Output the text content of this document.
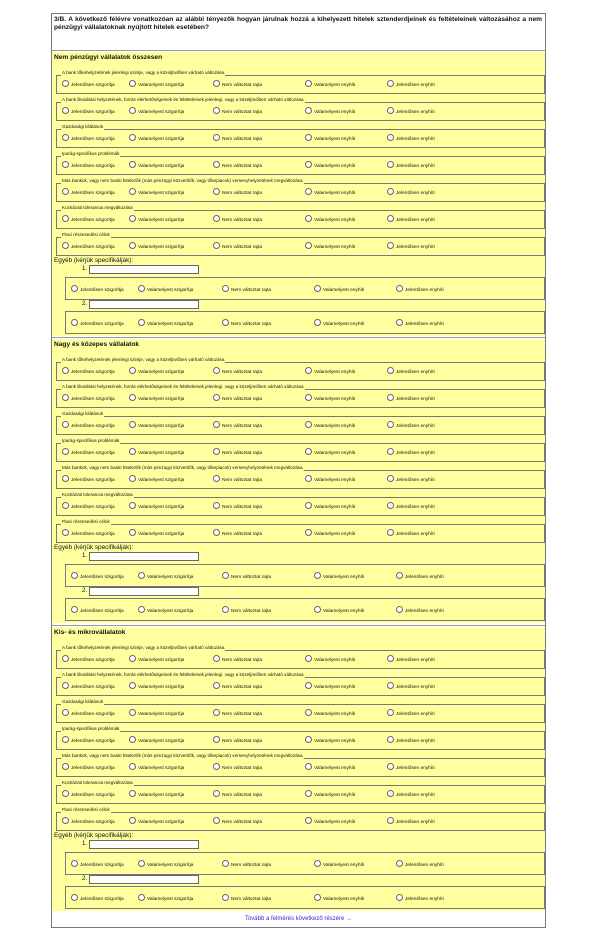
3/B. A következő félévre vonatkozóan az alábbi tényezők hogyan járulnak hozzá a kihelyezett hitelek sztenderdjeinek és feltételeinek változásához a nem pénzügyi vállalatoknak nyújtott hitelek esetében?
Nem pénzügyi vállalatok összesen
A bank tőkehelyzetének jelenlegi szintje, vagy a közeljövőben várható változása
Jelentősen szigorítja	Valamelyest szigorítja	Nem változtat rajta	Valamelyest enyhíti	Jelentősen enyhíti
A bank likviditási helyzetének, forrás elérhetőségeinek és feltételeinek jelenlegi, vagy a közeljövőben várható változása
Jelentősen szigorítja	Valamelyest szigorítja	Nem változtat rajta	Valamelyest enyhíti	Jelentősen enyhíti
Gazdasági kilátások
Jelentősen szigorítja	Valamelyest szigorítja	Nem változtat rajta	Valamelyest enyhíti	Jelentősen enyhíti
Iparág-specifikus problémák
Jelentősen szigorítja	Valamelyest szigorítja	Nem változtat rajta	Valamelyest enyhíti	Jelentősen enyhíti
Más bankok, vagy nem banki hitelezők (más pénzügyi közvetítők, vagy tőkepiacok) versenyhelyzetének megváltozása
Jelentősen szigorítja	Valamelyest szigorítja	Nem változtat rajta	Valamelyest enyhíti	Jelentősen enyhíti
Kockázati tolerancia megváltozása
Jelentősen szigorítja	Valamelyest szigorítja	Nem változtat rajta	Valamelyest enyhíti	Jelentősen enyhíti
Piaci részesedési célok
Jelentősen szigorítja	Valamelyest szigorítja	Nem változtat rajta	Valamelyest enyhíti	Jelentősen enyhíti
Egyéb (kérjük specifikálják):
1.
Jelentősen szigorítja	Valamelyest szigorítja	Nem változtat rajta	Valamelyest enyhíti	Jelentősen enyhíti
2.
Jelentősen szigorítja	Valamelyest szigorítja	Nem változtat rajta	Valamelyest enyhíti	Jelentősen enyhíti
Nagy és közepes vállalatok
A bank tőkehelyzetének jelenlegi szintje, vagy a közeljövőben várható változása
Jelentősen szigorítja	Valamelyest szigorítja	Nem változtat rajta	Valamelyest enyhíti	Jelentősen enyhíti
A bank likviditási helyzetének, forrás elérhetőségeinek és feltételeinek jelenlegi, vagy a közeljövőben várható változása
Jelentősen szigorítja	Valamelyest szigorítja	Nem változtat rajta	Valamelyest enyhíti	Jelentősen enyhíti
Gazdasági kilátások
Jelentősen szigorítja	Valamelyest szigorítja	Nem változtat rajta	Valamelyest enyhíti	Jelentősen enyhíti
Iparág-specifikus problémák
Jelentősen szigorítja	Valamelyest szigorítja	Nem változtat rajta	Valamelyest enyhíti	Jelentősen enyhíti
Más bankok, vagy nem banki hitelezők (más pénzügyi közvetítők, vagy tőkepiacok) versenyhelyzetének megváltozása
Jelentősen szigorítja	Valamelyest szigorítja	Nem változtat rajta	Valamelyest enyhíti	Jelentősen enyhíti
Kockázati tolerancia megváltozása
Jelentősen szigorítja	Valamelyest szigorítja	Nem változtat rajta	Valamelyest enyhíti	Jelentősen enyhíti
Piaci részesedési célok
Jelentősen szigorítja	Valamelyest szigorítja	Nem változtat rajta	Valamelyest enyhíti	Jelentősen enyhíti
Egyéb (kérjük specifikálják):
1.
Jelentősen szigorítja	Valamelyest szigorítja	Nem változtat rajta	Valamelyest enyhíti	Jelentősen enyhíti
2.
Jelentősen szigorítja	Valamelyest szigorítja	Nem változtat rajta	Valamelyest enyhíti	Jelentősen enyhíti
Kis- és mikrovállalatok
A bank tőkehelyzetének jelenlegi szintje, vagy a közeljövőben várható változása
Jelentősen szigorítja	Valamelyest szigorítja	Nem változtat rajta	Valamelyest enyhíti	Jelentősen enyhíti
A bank likviditási helyzetének, forrás elérhetőségeinek és feltételeinek jelenlegi, vagy a közeljövőben várható változása
Jelentősen szigorítja	Valamelyest szigorítja	Nem változtat rajta	Valamelyest enyhíti	Jelentősen enyhíti
Gazdasági kilátások
Jelentősen szigorítja	Valamelyest szigorítja	Nem változtat rajta	Valamelyest enyhíti	Jelentősen enyhíti
Iparág-specifikus problémák
Jelentősen szigorítja	Valamelyest szigorítja	Nem változtat rajta	Valamelyest enyhíti	Jelentősen enyhíti
Más bankok, vagy nem banki hitelezők (más pénzügyi közvetítők, vagy tőkepiacok) versenyhelyzetének megváltozása
Jelentősen szigorítja	Valamelyest szigorítja	Nem változtat rajta	Valamelyest enyhíti	Jelentősen enyhíti
Kockázati tolerancia megváltozása
Jelentősen szigorítja	Valamelyest szigorítja	Nem változtat rajta	Valamelyest enyhíti	Jelentősen enyhíti
Piaci részesedési célok
Jelentősen szigorítja	Valamelyest szigorítja	Nem változtat rajta	Valamelyest enyhíti	Jelentősen enyhíti
Egyéb (kérjük specifikálják):
1.
Jelentősen szigorítja	Valamelyest szigorítja	Nem változtat rajta	Valamelyest enyhíti	Jelentősen enyhíti
2.
Jelentősen szigorítja	Valamelyest szigorítja	Nem változtat rajta	Valamelyest enyhíti	Jelentősen enyhíti
Tovább a felmérés következő részére →
